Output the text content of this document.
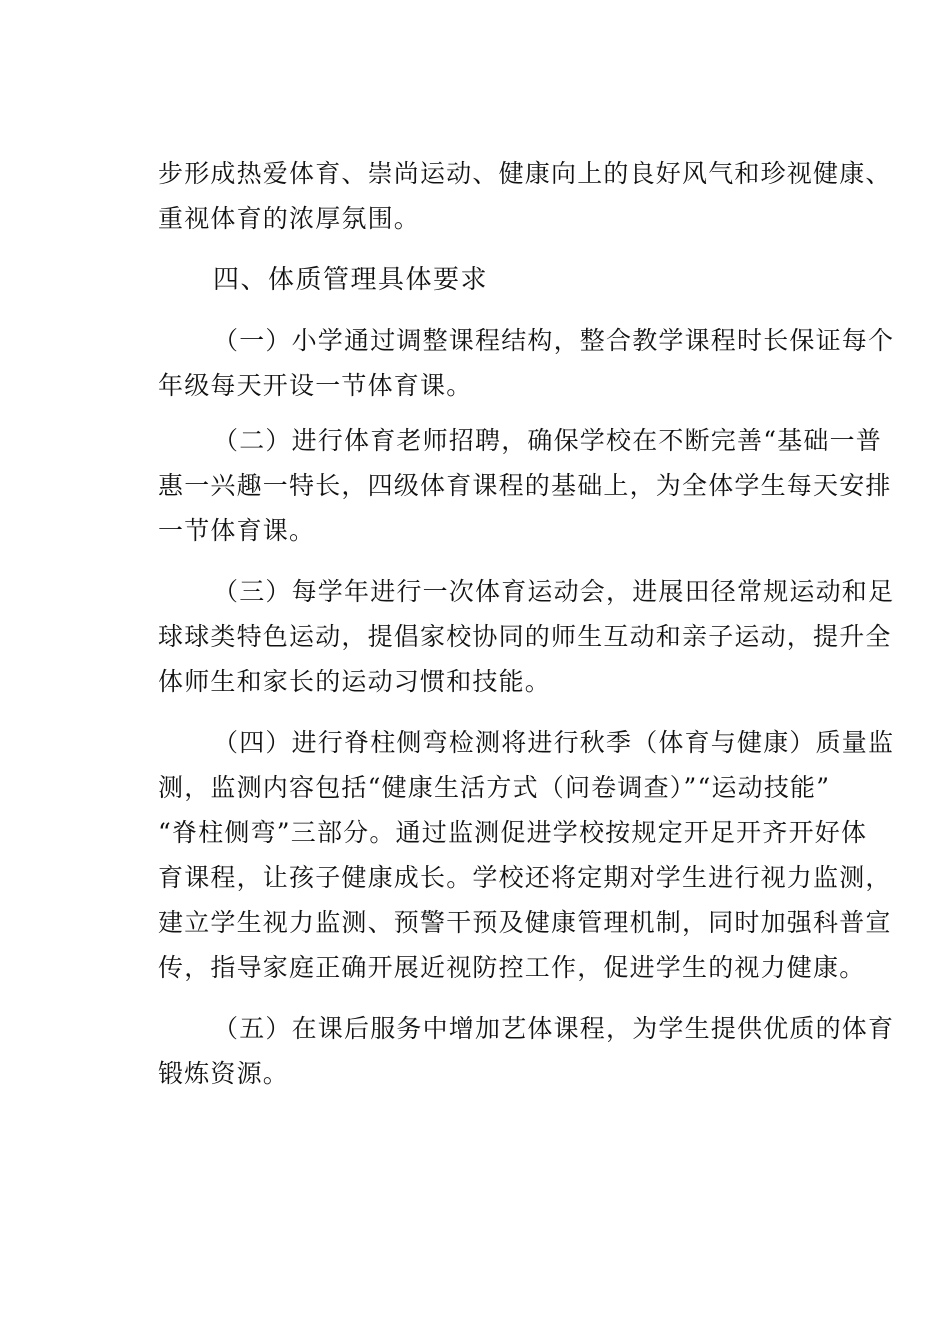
步形成热爱体育、崇尚运动、健康向上的良好风气和珍视健康、
重视体育的浓厚氛围。
四、体质管理具体要求
（一）小学通过调整课程结构，整合教学课程时长保证每个
年级每天开设一节体育课。
（二）进行体育老师招聘，确保学校在不断完善“基础一普
惠一兴趣一特长，四级体育课程的基础上，为全体学生每天安排
一节体育课。
（三）每学年进行一次体育运动会，进展田径常规运动和足
球球类特色运动，提倡家校协同的师生互动和亲子运动，提升全
体师生和家长的运动习惯和技能。
（四）进行脊柱侧弯检测将进行秋季（体育与健康）质量监
测，监测内容包括“健康生活方式（问卷调查）”“运动技能”
“脊柱侧弯”三部分。通过监测促进学校按规定开足开齐开好体
育课程，让孩子健康成长。学校还将定期对学生进行视力监测，
建立学生视力监测、预警干预及健康管理机制，同时加强科普宣
传，指导家庭正确开展近视防控工作，促进学生的视力健康。
（五）在课后服务中增加艺体课程，为学生提供优质的体育
锻炼资源。
